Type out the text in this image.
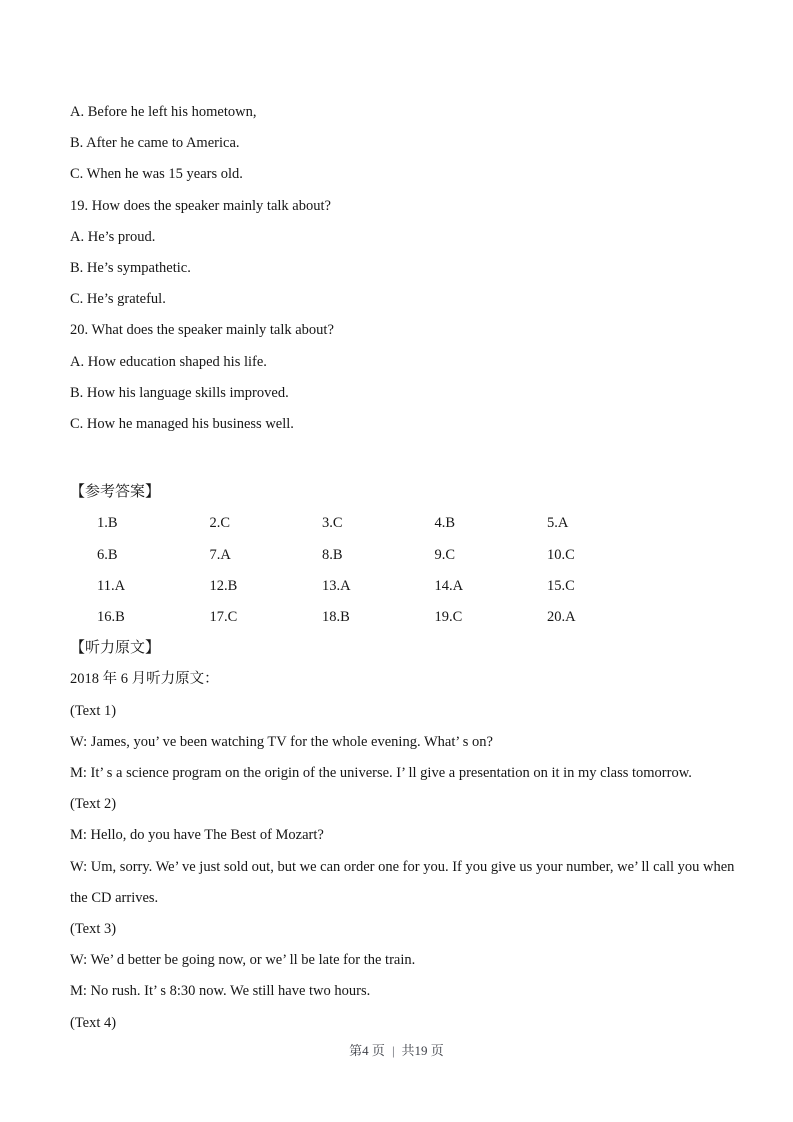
A. Before he left his hometown,

B. After he came to America.

C. When he was 15 years old.

19. How does the speaker mainly talk about?

A. He’s proud.

B. He’s sympathetic.

C. He’s grateful.

20. What does the speaker mainly talk about?

A. How education shaped his life.

B. How his language skills improved.

C. How he managed his business well.

【参考答案】

1.B	2.C	3.C	4.B	5.A
6.B	7.A	8.B	9.C	10.C
11.A	12.B	13.A	14.A	15.C
16.B	17.C	18.B	19.C	20.A

【听力原文】

2018 年 6 月听力原文：

(Text 1)

W: James, you’ ve been watching TV for the whole evening. What’ s on?

M: It’ s a science program on the origin of the universe. I’ ll give a presentation on it in my class tomorrow.

(Text 2)

M: Hello, do you have The Best of Mozart?

W: Um, sorry. We’ ve just sold out, but we can order one for you. If you give us your number, we’ ll call you when

the CD arrives.

(Text 3)

W: We’ d better be going now, or we’ ll be late for the train.

M: No rush. It’ s 8:30 now. We still have two hours.

(Text 4)

第4 页 | 共19 页
